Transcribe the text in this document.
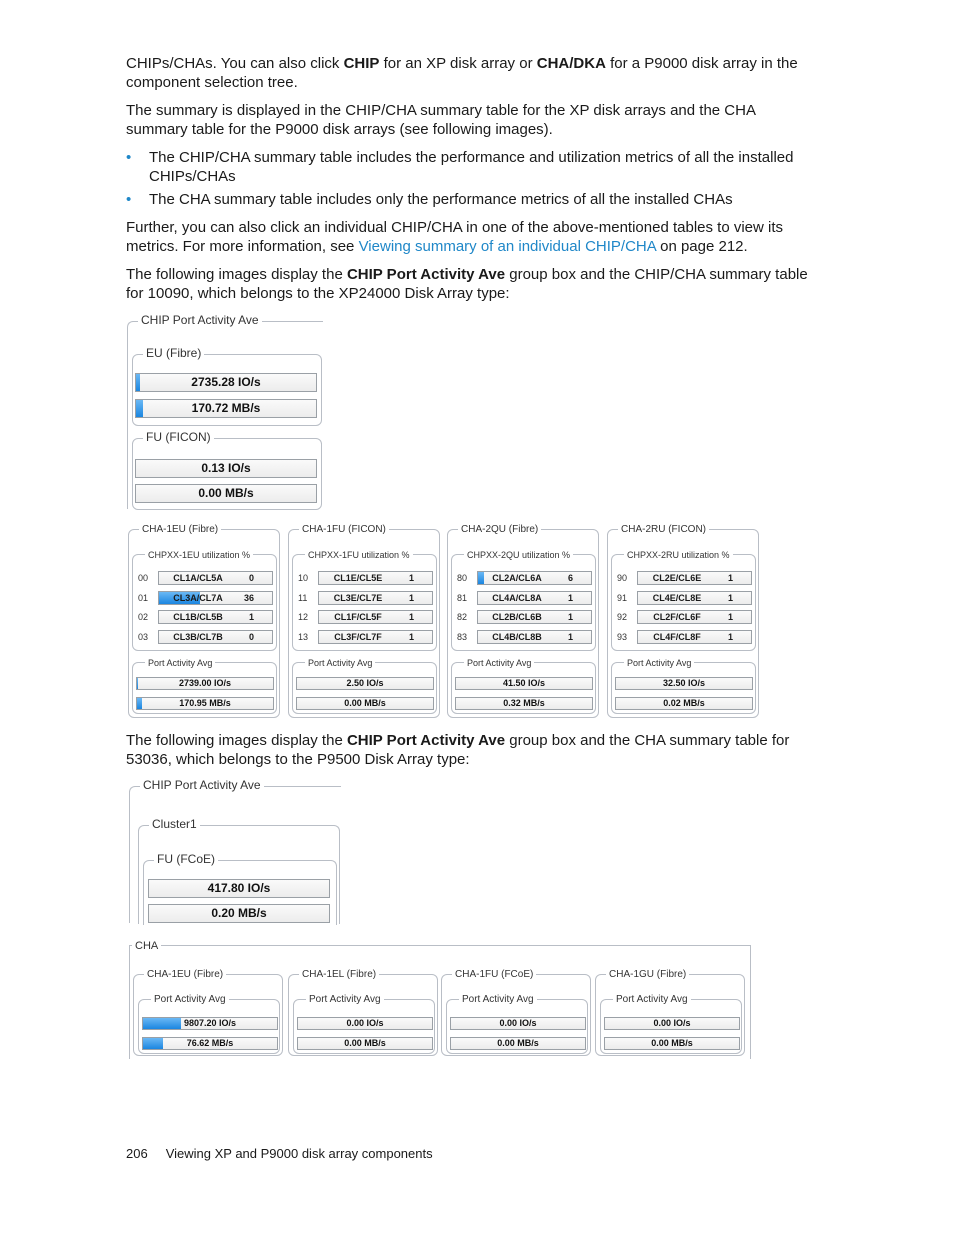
CHIPs/CHAs. You can also click CHIP for an XP disk array or CHA/DKA for a P9000 disk array in the component selection tree.
The summary is displayed in the CHIP/CHA summary table for the XP disk arrays and the CHA summary table for the P9000 disk arrays (see following images).
• The CHIP/CHA summary table includes the performance and utilization metrics of all the installed CHIPs/CHAs
• The CHA summary table includes only the performance metrics of all the installed CHAs
Further, you can also click an individual CHIP/CHA in one of the above-mentioned tables to view its metrics. For more information, see Viewing summary of an individual CHIP/CHA on page 212.
The following images display the CHIP Port Activity Ave group box and the CHIP/CHA summary table for 10090, which belongs to the XP24000 Disk Array type:
CHIP Port Activity Ave
EU (Fibre)
2735.28 IO/s
170.72 MB/s
FU (FICON)
0.13 IO/s
0.00 MB/s
CHA-1EU (Fibre)
CHPXX-1EU utilization %
00	CL1A/CL5A	0
01	CL3A/CL7A	36
02	CL1B/CL5B	1
03	CL3B/CL7B	0
Port Activity Avg
2739.00 IO/s
170.95 MB/s
CHA-1FU (FICON)
CHPXX-1FU utilization %
10	CL1E/CL5E	1
11	CL3E/CL7E	1
12	CL1F/CL5F	1
13	CL3F/CL7F	1
Port Activity Avg
2.50 IO/s
0.00 MB/s
CHA-2QU (Fibre)
CHPXX-2QU utilization %
80	CL2A/CL6A	6
81	CL4A/CL8A	1
82	CL2B/CL6B	1
83	CL4B/CL8B	1
Port Activity Avg
41.50 IO/s
0.32 MB/s
CHA-2RU (FICON)
CHPXX-2RU utilization %
90	CL2E/CL6E	1
91	CL4E/CL8E	1
92	CL2F/CL6F	1
93	CL4F/CL8F	1
Port Activity Avg
32.50 IO/s
0.02 MB/s
The following images display the CHIP Port Activity Ave group box and the CHA summary table for 53036, which belongs to the P9500 Disk Array type:
CHIP Port Activity Ave
Cluster1
FU (FCoE)
417.80 IO/s
0.20 MB/s
CHA
CHA-1EU (Fibre)
Port Activity Avg
9807.20 IO/s
76.62 MB/s
CHA-1EL (Fibre)
Port Activity Avg
0.00 IO/s
0.00 MB/s
CHA-1FU (FCoE)
Port Activity Avg
0.00 IO/s
0.00 MB/s
CHA-1GU (Fibre)
Port Activity Avg
0.00 IO/s
0.00 MB/s
206 Viewing XP and P9000 disk array components
